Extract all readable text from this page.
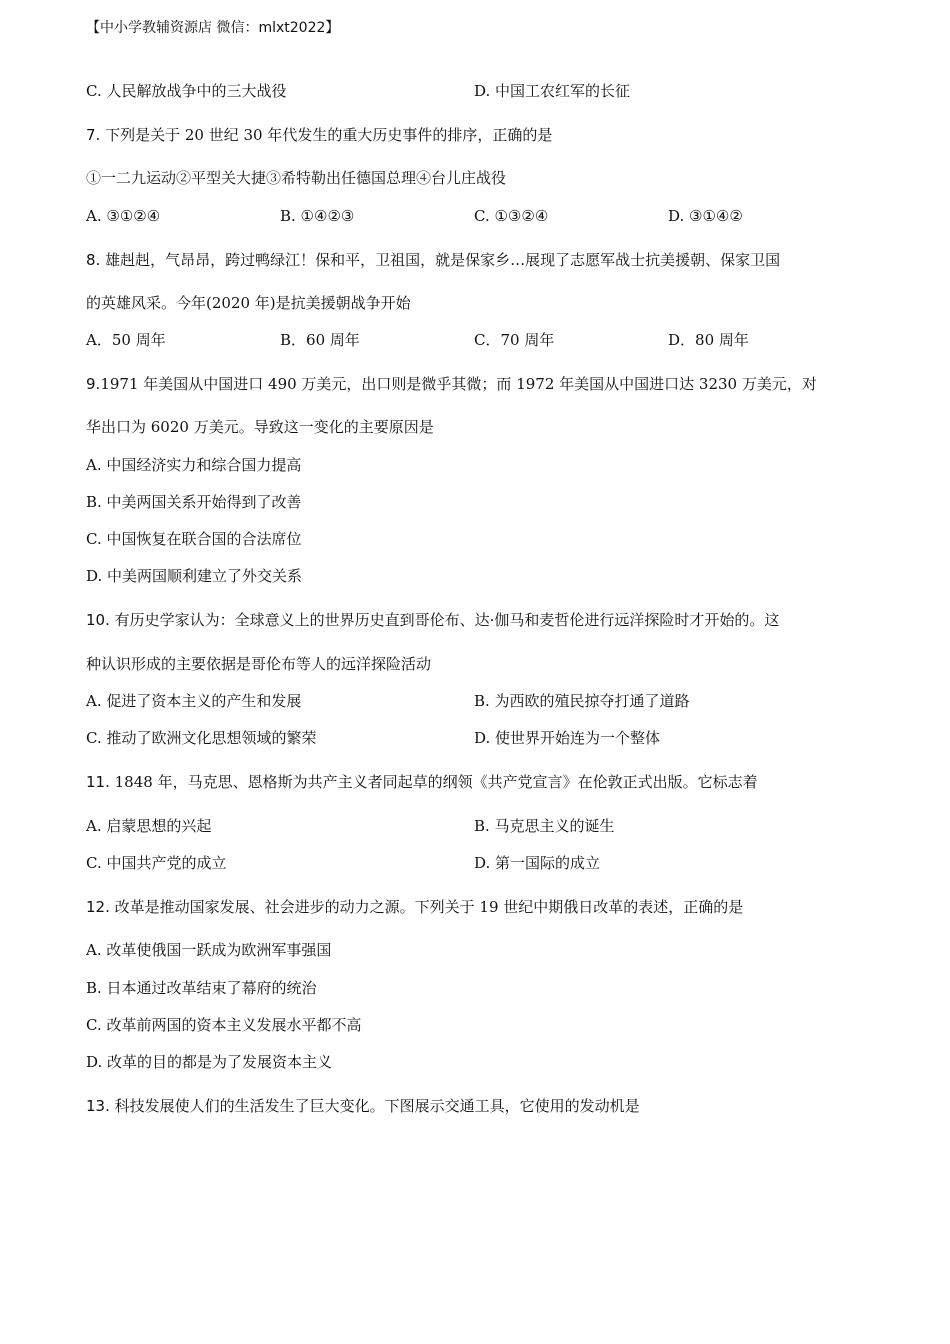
【中小学教辅资源店 微信：mlxt2022】
C. 人民解放战争中的三大战役	D. 中国工农红军的长征
7. 下列是关于 20 世纪 30 年代发生的重大历史事件的排序，正确的是
①一二九运动②平型关大捷③希特勒出任德国总理④台儿庄战役
A. ③①②④	B. ①④②③	C. ①③②④	D. ③①④②
8. 雄赳赳，气昂昂，跨过鸭绿江！保和平，卫祖国，就是保家乡…展现了志愿军战士抗美援朝、保家卫国
的英雄风采。今年(2020 年)是抗美援朝战争开始
A．50 周年	B．60 周年	C．70 周年	D．80 周年
9.1971 年美国从中国进口 490 万美元，出口则是微乎其微；而 1972 年美国从中国进口达 3230 万美元，对
华出口为 6020 万美元。导致这一变化的主要原因是
A. 中国经济实力和综合国力提高
B. 中美两国关系开始得到了改善
C. 中国恢复在联合国的合法席位
D. 中美两国顺利建立了外交关系
10. 有历史学家认为：全球意义上的世界历史直到哥伦布、达·伽马和麦哲伦进行远洋探险时才开始的。这
种认识形成的主要依据是哥伦布等人的远洋探险活动
A. 促进了资本主义的产生和发展	B. 为西欧的殖民掠夺打通了道路
C. 推动了欧洲文化思想领域的繁荣	D. 使世界开始连为一个整体
11. 1848 年，马克思、恩格斯为共产主义者同起草的纲领《共产党宣言》在伦敦正式出版。它标志着
A. 启蒙思想的兴起	B. 马克思主义的诞生
C. 中国共产党的成立	D. 第一国际的成立
12. 改革是推动国家发展、社会进步的动力之源。下列关于 19 世纪中期俄日改革的表述，正确的是
A. 改革使俄国一跃成为欧洲军事强国
B. 日本通过改革结束了幕府的统治
C. 改革前两国的资本主义发展水平都不高
D. 改革的目的都是为了发展资本主义
13. 科技发展使人们的生活发生了巨大变化。下图展示交通工具，它使用的发动机是
